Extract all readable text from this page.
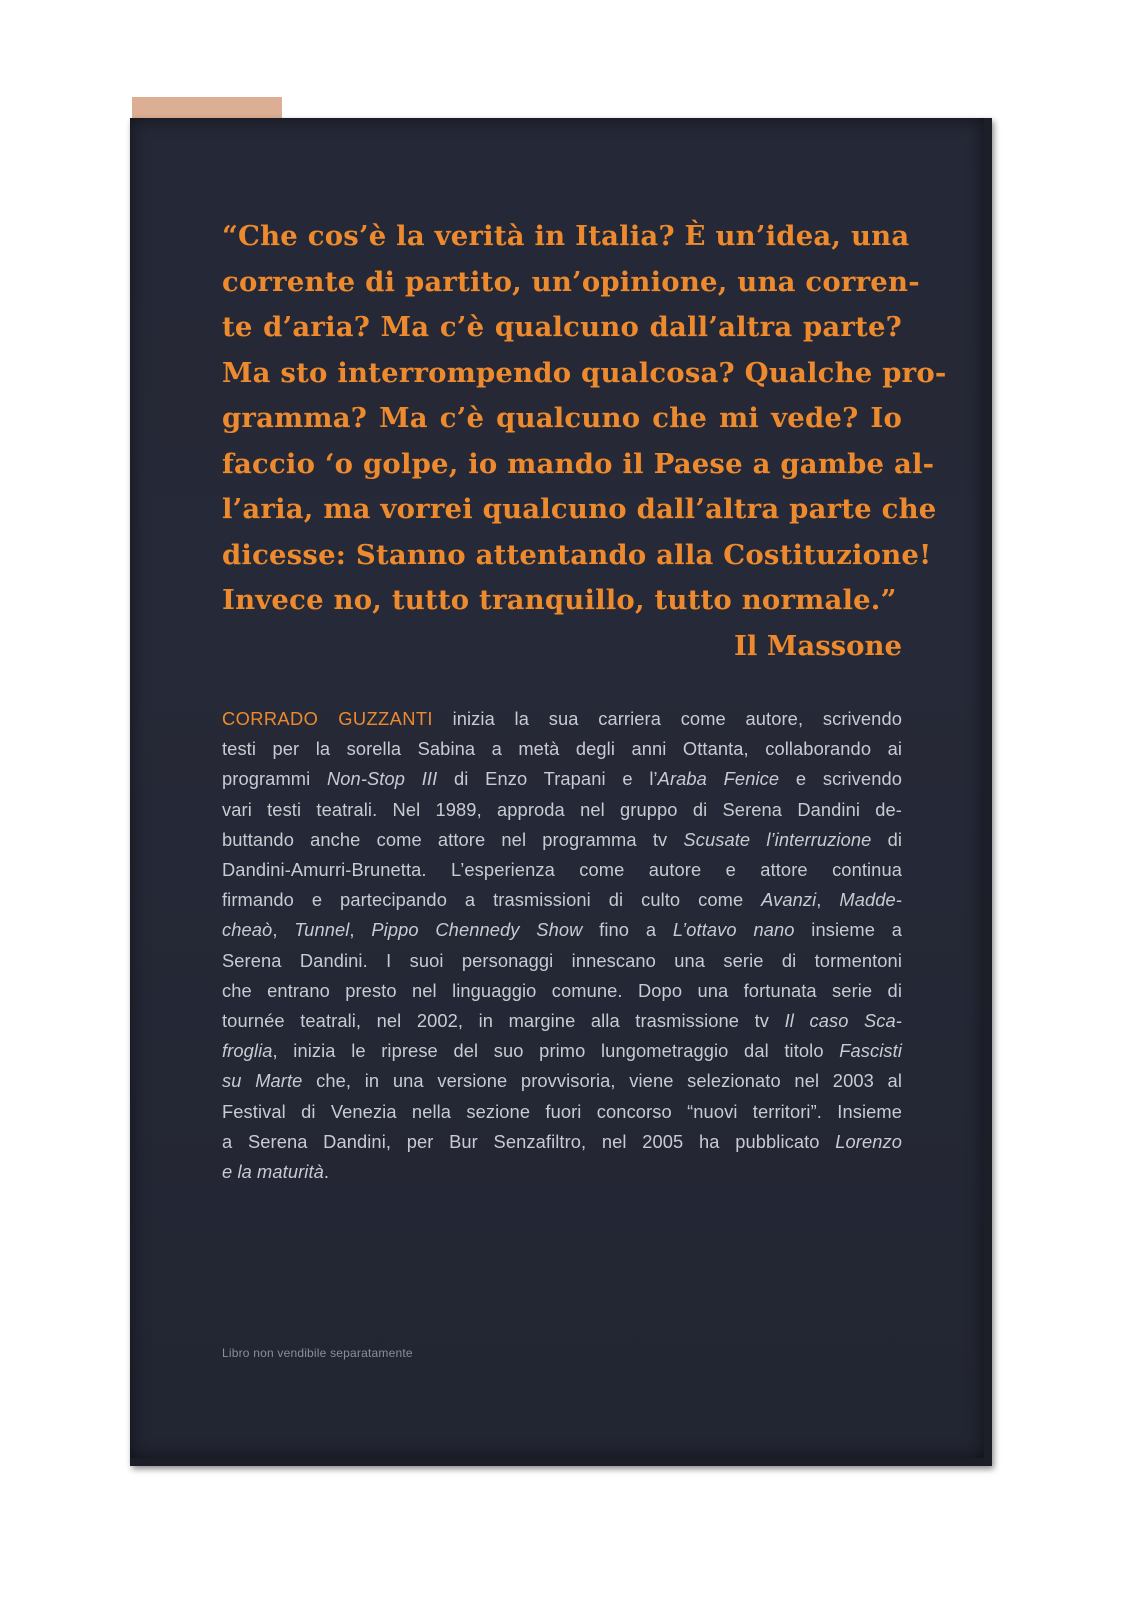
“Che cos’è la verità in Italia? È un’idea, una
corrente di partito, un’opinione, una corren-
te d’aria? Ma c’è qualcuno dall’altra parte?
Ma sto interrompendo qualcosa? Qualche pro-
gramma? Ma c’è qualcuno che mi vede? Io
faccio ‘o golpe, io mando il Paese a gambe al-
l’aria, ma vorrei qualcuno dall’altra parte che
dicesse: Stanno attentando alla Costituzione!
Invece no, tutto tranquillo, tutto normale.”

Il Massone

CORRADO GUZZANTI inizia la sua carriera come autore, scrivendo
testi per la sorella Sabina a metà degli anni Ottanta, collaborando ai
programmi Non-Stop III di Enzo Trapani e l’Araba Fenice e scrivendo
vari testi teatrali. Nel 1989, approda nel gruppo di Serena Dandini de-
buttando anche come attore nel programma tv Scusate l’interruzione di
Dandini-Amurri-Brunetta. L’esperienza come autore e attore continua
firmando e partecipando a trasmissioni di culto come Avanzi, Madde-
cheaò, Tunnel, Pippo Chennedy Show fino a L’ottavo nano insieme a
Serena Dandini. I suoi personaggi innescano una serie di tormentoni
che entrano presto nel linguaggio comune. Dopo una fortunata serie di
tournée teatrali, nel 2002, in margine alla trasmissione tv Il caso Sca-
froglia, inizia le riprese del suo primo lungometraggio dal titolo Fascisti
su Marte che, in una versione provvisoria, viene selezionato nel 2003 al
Festival di Venezia nella sezione fuori concorso “nuovi territori”. Insieme
a Serena Dandini, per Bur Senzafiltro, nel 2005 ha pubblicato Lorenzo
e la maturità.

Libro non vendibile separatamente
